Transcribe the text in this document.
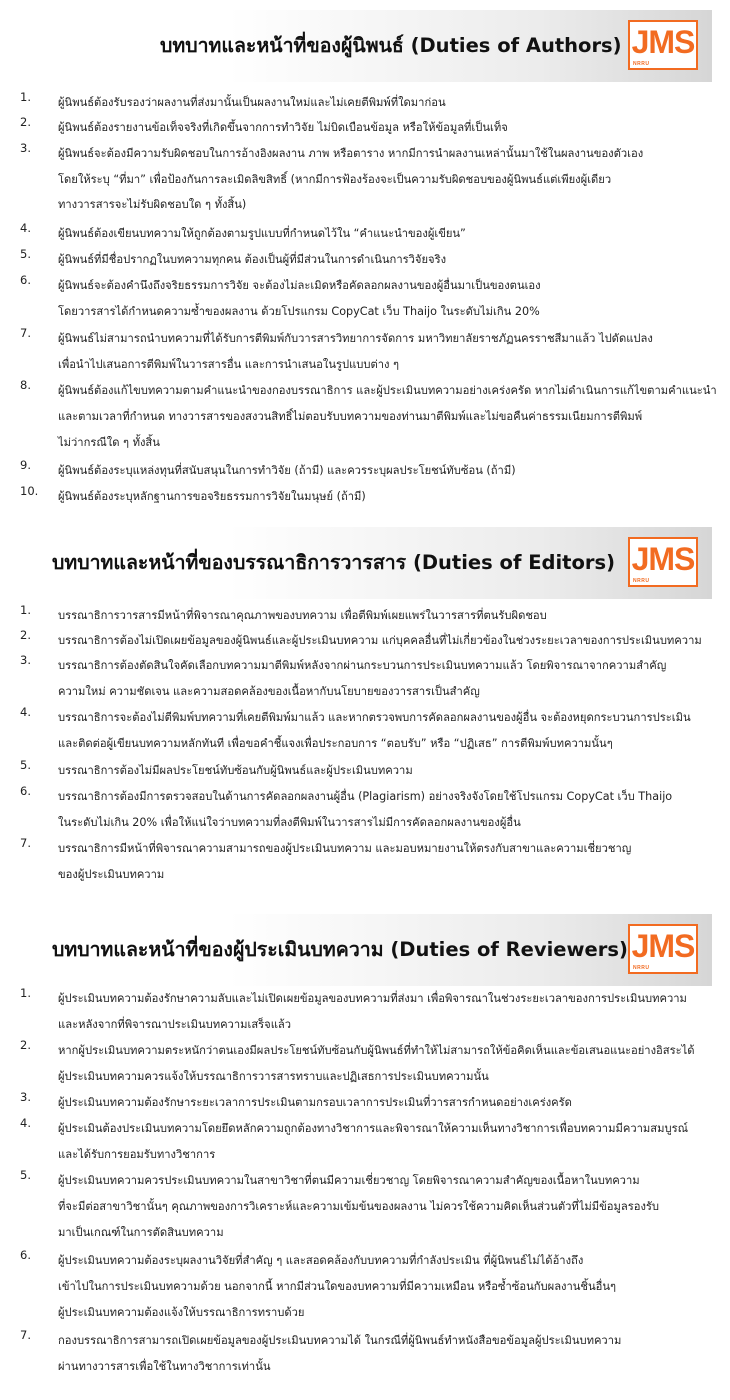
บทบาทและหน้าที่ของผู้นิพนธ์ (Duties of Authors) JMS
NRRU
1.	ผู้นิพนธ์ต้องรับรองว่าผลงานที่ส่งมานั้นเป็นผลงานใหม่และไม่เคยตีพิมพ์ที่ใดมาก่อน
2.	ผู้นิพนธ์ต้องรายงานข้อเท็จจริงที่เกิดขึ้นจากการทำวิจัย ไม่บิดเบือนข้อมูล หรือให้ข้อมูลที่เป็นเท็จ
3.	ผู้นิพนธ์จะต้องมีความรับผิดชอบในการอ้างอิงผลงาน ภาพ หรือตาราง หากมีการนำผลงานเหล่านั้นมาใช้ในผลงานของตัวเอง
โดยให้ระบุ “ที่มา” เพื่อป้องกันการละเมิดลิขสิทธิ์ (หากมีการฟ้องร้องจะเป็นความรับผิดชอบของผู้นิพนธ์แต่เพียงผู้เดียว
ทางวารสารจะไม่รับผิดชอบใด ๆ ทั้งสิ้น)
4.	ผู้นิพนธ์ต้องเขียนบทความให้ถูกต้องตามรูปแบบที่กำหนดไว้ใน “คำแนะนำของผู้เขียน”
5.	ผู้นิพนธ์ที่มีชื่อปรากฏในบทความทุกคน ต้องเป็นผู้ที่มีส่วนในการดำเนินการวิจัยจริง
6.	ผู้นิพนธ์จะต้องคำนึงถึงจริยธรรมการวิจัย จะต้องไม่ละเมิดหรือคัดลอกผลงานของผู้อื่นมาเป็นของตนเอง
โดยวารสารได้กำหนดความซ้ำของผลงาน ด้วยโปรแกรม CopyCat เว็บ Thaijo ในระดับไม่เกิน 20%
7.	ผู้นิพนธ์ไม่สามารถนำบทความที่ได้รับการตีพิมพ์กับวารสารวิทยาการจัดการ มหาวิทยาลัยราชภัฏนครราชสีมาแล้ว ไปดัดแปลง
เพื่อนำไปเสนอการตีพิมพ์ในวารสารอื่น และการนำเสนอในรูปแบบต่าง ๆ
8.	ผู้นิพนธ์ต้องแก้ไขบทความตามคำแนะนำของกองบรรณาธิการ และผู้ประเมินบทความอย่างเคร่งครัด หากไม่ดำเนินการแก้ไขตามคำแนะนำ
และตามเวลาที่กำหนด ทางวารสารของสงวนสิทธิ์ไม่ตอบรับบทความของท่านมาตีพิมพ์และไม่ขอคืนค่าธรรมเนียมการตีพิมพ์
ไม่ว่ากรณีใด ๆ ทั้งสิ้น
9.	ผู้นิพนธ์ต้องระบุแหล่งทุนที่สนับสนุนในการทำวิจัย (ถ้ามี) และควรระบุผลประโยชน์ทับซ้อน (ถ้ามี)
10.	ผู้นิพนธ์ต้องระบุหลักฐานการขอจริยธรรมการวิจัยในมนุษย์ (ถ้ามี)
บทบาทและหน้าที่ของบรรณาธิการวารสาร (Duties of Editors) JMS
NRRU
1.	บรรณาธิการวารสารมีหน้าที่พิจารณาคุณภาพของบทความ เพื่อตีพิมพ์เผยแพร่ในวารสารที่ตนรับผิดชอบ
2.	บรรณาธิการต้องไม่เปิดเผยข้อมูลของผู้นิพนธ์และผู้ประเมินบทความ แก่บุคคลอื่นที่ไม่เกี่ยวข้องในช่วงระยะเวลาของการประเมินบทความ
3.	บรรณาธิการต้องตัดสินใจคัดเลือกบทความมาตีพิมพ์หลังจากผ่านกระบวนการประเมินบทความแล้ว โดยพิจารณาจากความสำคัญ
ความใหม่ ความชัดเจน และความสอดคล้องของเนื้อหากับนโยบายของวารสารเป็นสำคัญ
4.	บรรณาธิการจะต้องไม่ตีพิมพ์บทความที่เคยตีพิมพ์มาแล้ว และหากตรวจพบการคัดลอกผลงานของผู้อื่น จะต้องหยุดกระบวนการประเมิน
และติดต่อผู้เขียนบทความหลักทันที เพื่อขอคำชี้แจงเพื่อประกอบการ “ตอบรับ” หรือ “ปฏิเสธ” การตีพิมพ์บทความนั้นๆ
5.	บรรณาธิการต้องไม่มีผลประโยชน์ทับซ้อนกับผู้นิพนธ์และผู้ประเมินบทความ
6.	บรรณาธิการต้องมีการตรวจสอบในด้านการคัดลอกผลงานผู้อื่น (Plagiarism) อย่างจริงจังโดยใช้โปรแกรม CopyCat เว็บ Thaijo
ในระดับไม่เกิน 20% เพื่อให้แน่ใจว่าบทความที่ลงตีพิมพ์ในวารสารไม่มีการคัดลอกผลงานของผู้อื่น
7.	บรรณาธิการมีหน้าที่พิจารณาความสามารถของผู้ประเมินบทความ และมอบหมายงานให้ตรงกับสาขาและความเชี่ยวชาญ
ของผู้ประเมินบทความ
บทบาทและหน้าที่ของผู้ประเมินบทความ (Duties of Reviewers) JMS
NRRU
1.	ผู้ประเมินบทความต้องรักษาความลับและไม่เปิดเผยข้อมูลของบทความที่ส่งมา เพื่อพิจารณาในช่วงระยะเวลาของการประเมินบทความ
และหลังจากที่พิจารณาประเมินบทความเสร็จแล้ว
2.	หากผู้ประเมินบทความตระหนักว่าตนเองมีผลประโยชน์ทับซ้อนกับผู้นิพนธ์ที่ทำให้ไม่สามารถให้ข้อคิดเห็นและข้อเสนอแนะอย่างอิสระได้
ผู้ประเมินบทความควรแจ้งให้บรรณาธิการวารสารทราบและปฏิเสธการประเมินบทความนั้น
3.	ผู้ประเมินบทความต้องรักษาระยะเวลาการประเมินตามกรอบเวลาการประเมินที่วารสารกำหนดอย่างเคร่งครัด
4.	ผู้ประเมินต้องประเมินบทความโดยยึดหลักความถูกต้องทางวิชาการและพิจารณาให้ความเห็นทางวิชาการเพื่อบทความมีความสมบูรณ์
และได้รับการยอมรับทางวิชาการ
5.	ผู้ประเมินบทความควรประเมินบทความในสาขาวิชาที่ตนมีความเชี่ยวชาญ โดยพิจารณาความสำคัญของเนื้อหาในบทความ
ที่จะมีต่อสาขาวิชานั้นๆ คุณภาพของการวิเคราะห์และความเข้มข้นของผลงาน ไม่ควรใช้ความคิดเห็นส่วนตัวที่ไม่มีข้อมูลรองรับ
มาเป็นเกณฑ์ในการตัดสินบทความ
6.	ผู้ประเมินบทความต้องระบุผลงานวิจัยที่สำคัญ ๆ และสอดคล้องกับบทความที่กำลังประเมิน ที่ผู้นิพนธ์ไม่ได้อ้างถึง
เข้าไปในการประเมินบทความด้วย นอกจากนี้ หากมีส่วนใดของบทความที่มีความเหมือน หรือซ้ำซ้อนกับผลงานชิ้นอื่นๆ
ผู้ประเมินบทความต้องแจ้งให้บรรณาธิการทราบด้วย
7.	กองบรรณาธิการสามารถเปิดเผยข้อมูลของผู้ประเมินบทความได้ ในกรณีที่ผู้นิพนธ์ทำหนังสือขอข้อมูลผู้ประเมินบทความ
ผ่านทางวารสารเพื่อใช้ในทางวิชาการเท่านั้น
